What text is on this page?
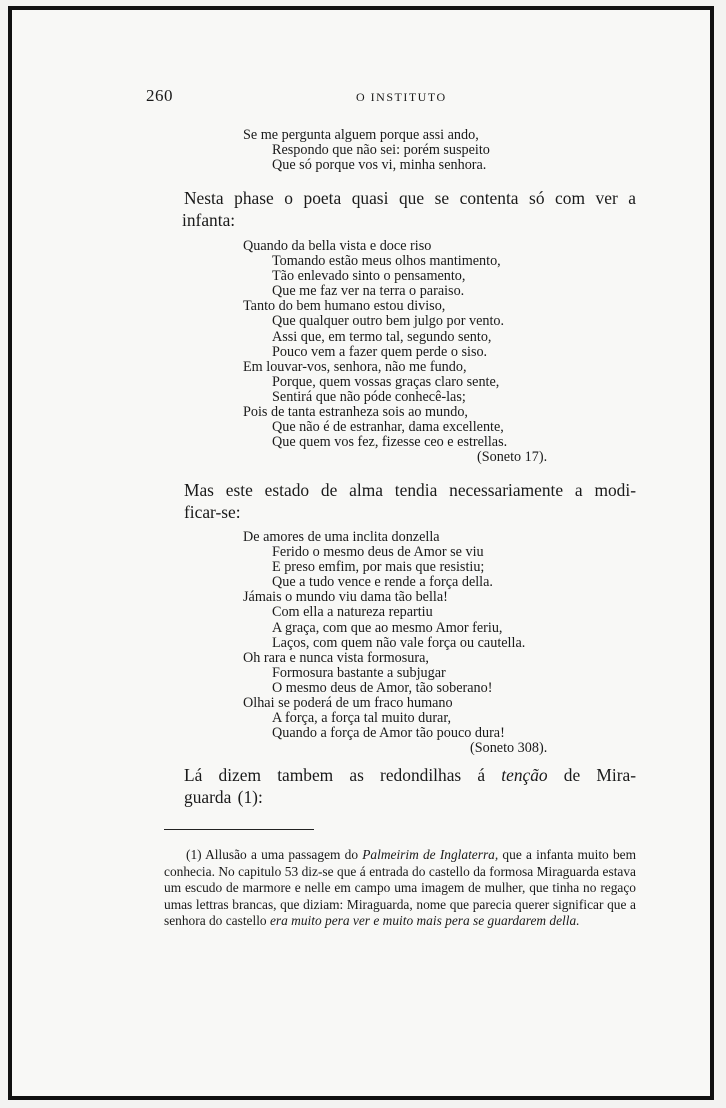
260	O INSTITUTO
Se me pergunta alguem porque assi ando,
Respondo que não sei: porém suspeito
Que só porque vos vi, minha senhora.
Nesta phase o poeta quasi que se contenta só com ver a
infanta:
Quando da bella vista e doce riso
Tomando estão meus olhos mantimento,
Tão enlevado sinto o pensamento,
Que me faz ver na terra o paraiso.
Tanto do bem humano estou diviso,
Que qualquer outro bem julgo por vento.
Assi que, em termo tal, segundo sento,
Pouco vem a fazer quem perde o siso.
Em louvar-vos, senhora, não me fundo,
Porque, quem vossas graças claro sente,
Sentirá que não póde conhecê-las;
Pois de tanta estranheza sois ao mundo,
Que não é de estranhar, dama excellente,
Que quem vos fez, fizesse ceo e estrellas.
(Soneto 17).
Mas este estado de alma tendia necessariamente a modi-
ficar-se:
De amores de uma inclita donzella
Ferido o mesmo deus de Amor se viu
E preso emfim, por mais que resistiu;
Que a tudo vence e rende a força della.
Jámais o mundo viu dama tão bella!
Com ella a natureza repartiu
A graça, com que ao mesmo Amor feriu,
Laços, com quem não vale força ou cautella.
Oh rara e nunca vista formosura,
Formosura bastante a subjugar
O mesmo deus de Amor, tão soberano!
Olhai se poderá de um fraco humano
A força, a força tal muito durar,
Quando a força de Amor tão pouco dura!
(Soneto 308).
Lá dizem tambem as redondilhas á tenção de Mira-
guarda (1):
(1) Allusão a uma passagem do Palmeirim de Inglaterra, que a infanta muito bem conhecia. No capitulo 53 diz-se que á entrada do castello da formosa Miraguarda estava um escudo de marmore e nelle em campo uma imagem de mulher, que tinha no regaço umas lettras brancas, que diziam: Miraguarda, nome que parecia querer significar que a senhora do castello era muito pera ver e muito mais pera se guardarem della.
